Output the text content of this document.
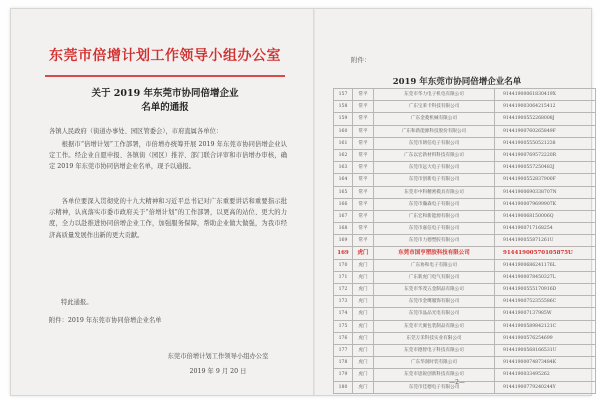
东莞市倍增计划工作领导小组办公室
关于 2019 年东莞市协同倍增企业
名单的通报
各镇人民政府（街道办事处、园区管委会），市府直属各单位：
根据市“倍增计划”工作部署，市倍增办统筹开展 2019 年东莞市协同倍增企业认定工作。经企业自愿申报、各镇街（园区）推荐、部门联合评审和市倍增办审核，确定 2019 年东莞市协同倍增企业名单，现予以通报。
各单位要深入贯彻党的十九大精神和习近平总书记对广东重要讲话和重要指示批示精神，认真落实市委市政府关于“倍增计划”的工作部署，以更高的站位、更大的力度，全力以赴推进协同倍增企业工作，加强服务保障，帮助企业做大做强，为我市经济高质量发展作出新的更大贡献。
特此通报。
附件：2019 年东莞市协同倍增企业名单
东莞市倍增计划工作领导小组办公室
2019 年 9 月 20 日
附件：
2019 年东莞市协同倍增企业名单
157	常平	东莞市华力电子机电有限公司	91441900061830419X
158	常平	广东宝莱卡科技有限公司	914419003064215412
159	常平	广东金菱机械有限公司	91441900552268008J
160	常平	广东和新能源科技股份有限公司	91441900760265849F
161	常平	东莞市朗信电子有限公司	914419005550521238
162	常平	广东以宏新材料科技有限公司	91441900769572220R
163	常平	东莞市远大电子有限公司	91441900557250483J
164	常平	东莞市创新电子有限公司	91441900552837900F
165	常平	东莞市中科精密模具有限公司	91441900690338707N
166	常平	东莞市瀚森电子有限公司	91441900079699907K
167	常平	广东宏和新能源有限公司	9144190068150006Q
168	常平	东莞市嘉信电子有限公司	91441900717168254
169	常平	东莞市力德塑胶有限公司	9144190055871261U
169	虎门	东莞市国亨塑胶科技有限公司	91441900570105875U
170	虎门	广东协和电子有限公司	91441900686241176L
171	虎门	广东新虎门电气有限公司	91441900078450327L
172	虎门	东莞市华茂五金制品有限公司	91441900555170916D
173	虎门	东莞市金鹰服饰有限公司	91441900752355586C
174	虎门	东莞市晶品光电有限公司	914419007137985W
175	虎门	东莞市天翼包装制品有限公司	91441900589842121C
176	虎门	东莞万禾科技实业有限公司	91441900576254699
177	虎门	东莞市德智电子科技有限公司	91441900568166531U
178	虎门	广东华润时装有限公司	91441900074873484K
179	虎门	东莞市思锐创新科技有限公司	9144190033495262
180	虎门	东莞市佳德电子有限公司	91441900779240244Y
—2—
